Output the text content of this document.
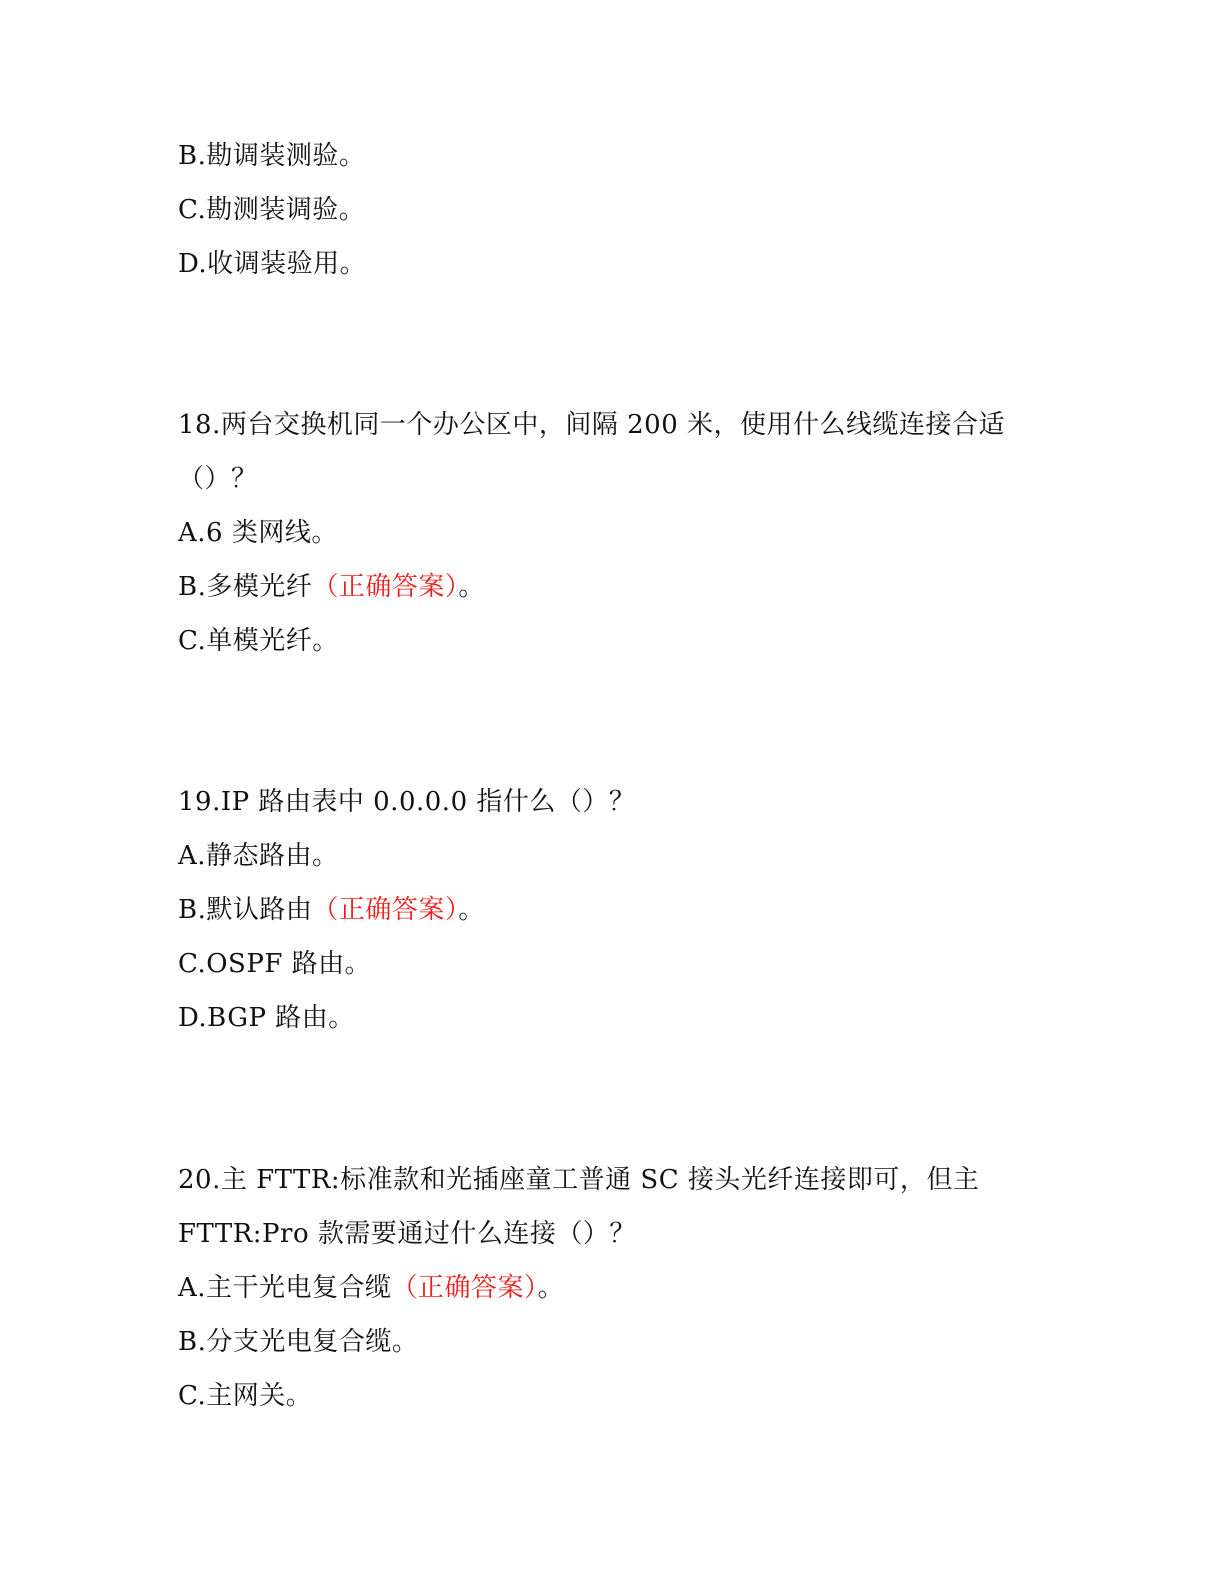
B.勘调装测验。
C.勘测装调验。
D.收调装验用。
18.两台交换机同一个办公区中，间隔 200 米，使用什么线缆连接合适
（）？
A.6 类网线。
B.多模光纤（正确答案）。
C.单模光纤。
19.IP 路由表中 0.0.0.0 指什么（）？
A.静态路由。
B.默认路由（正确答案）。
C.OSPF 路由。
D.BGP 路由。
20.主 FTTR:标准款和光插座童工普通 SC 接头光纤连接即可，但主
FTTR:Pro 款需要通过什么连接（）？
A.主干光电复合缆（正确答案）。
B.分支光电复合缆。
C.主网关。
